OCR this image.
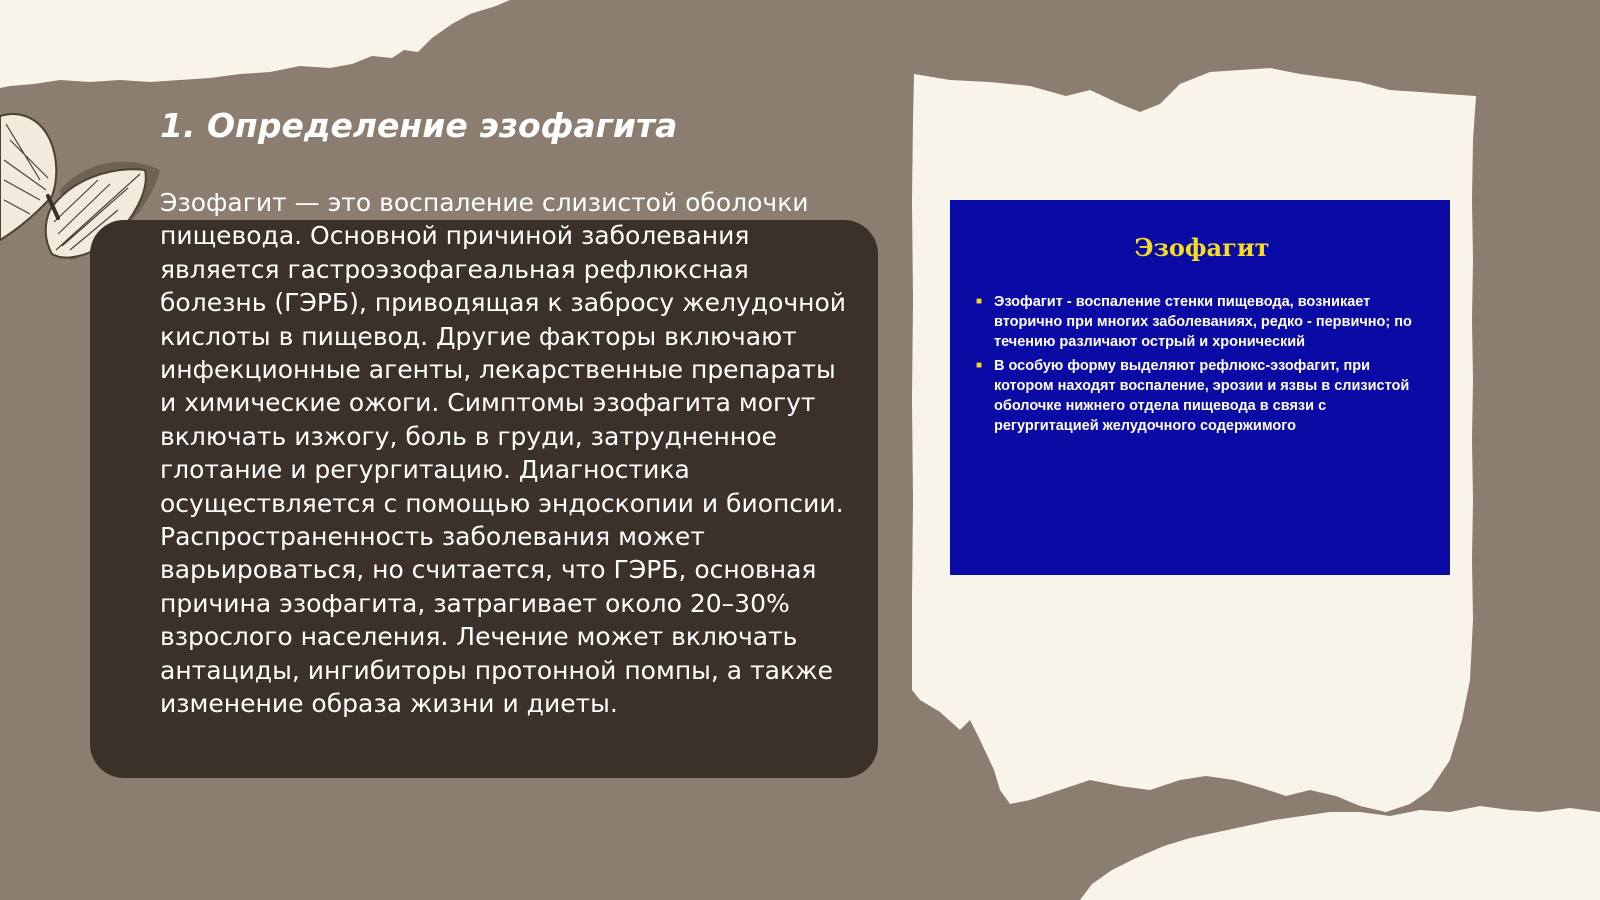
1. Определение эзофагита

Эзофагит — это воспаление слизистой оболочки пищевода. Основной причиной заболевания является гастроэзофагеальная рефлюксная болезнь (ГЭРБ), приводящая к забросу желудочной кислоты в пищевод. Другие факторы включают инфекционные агенты, лекарственные препараты и химические ожоги. Симптомы эзофагита могут включать изжогу, боль в груди, затрудненное глотание и регургитацию. Диагностика осуществляется с помощью эндоскопии и биопсии. Распространенность заболевания может варьироваться, но считается, что ГЭРБ, основная причина эзофагита, затрагивает около 20–30% взрослого населения. Лечение может включать антациды, ингибиторы протонной помпы, а также изменение образа жизни и диеты.

Эзофагит
■ Эзофагит - воспаление стенки пищевода, возникает вторично при многих заболеваниях, редко - первично; по течению различают острый и хронический
■ В особую форму выделяют рефлюкс-эзофагит, при котором находят воспаление, эрозии и язвы в слизистой оболочке нижнего отдела пищевода в связи с регургитацией желудочного содержимого
